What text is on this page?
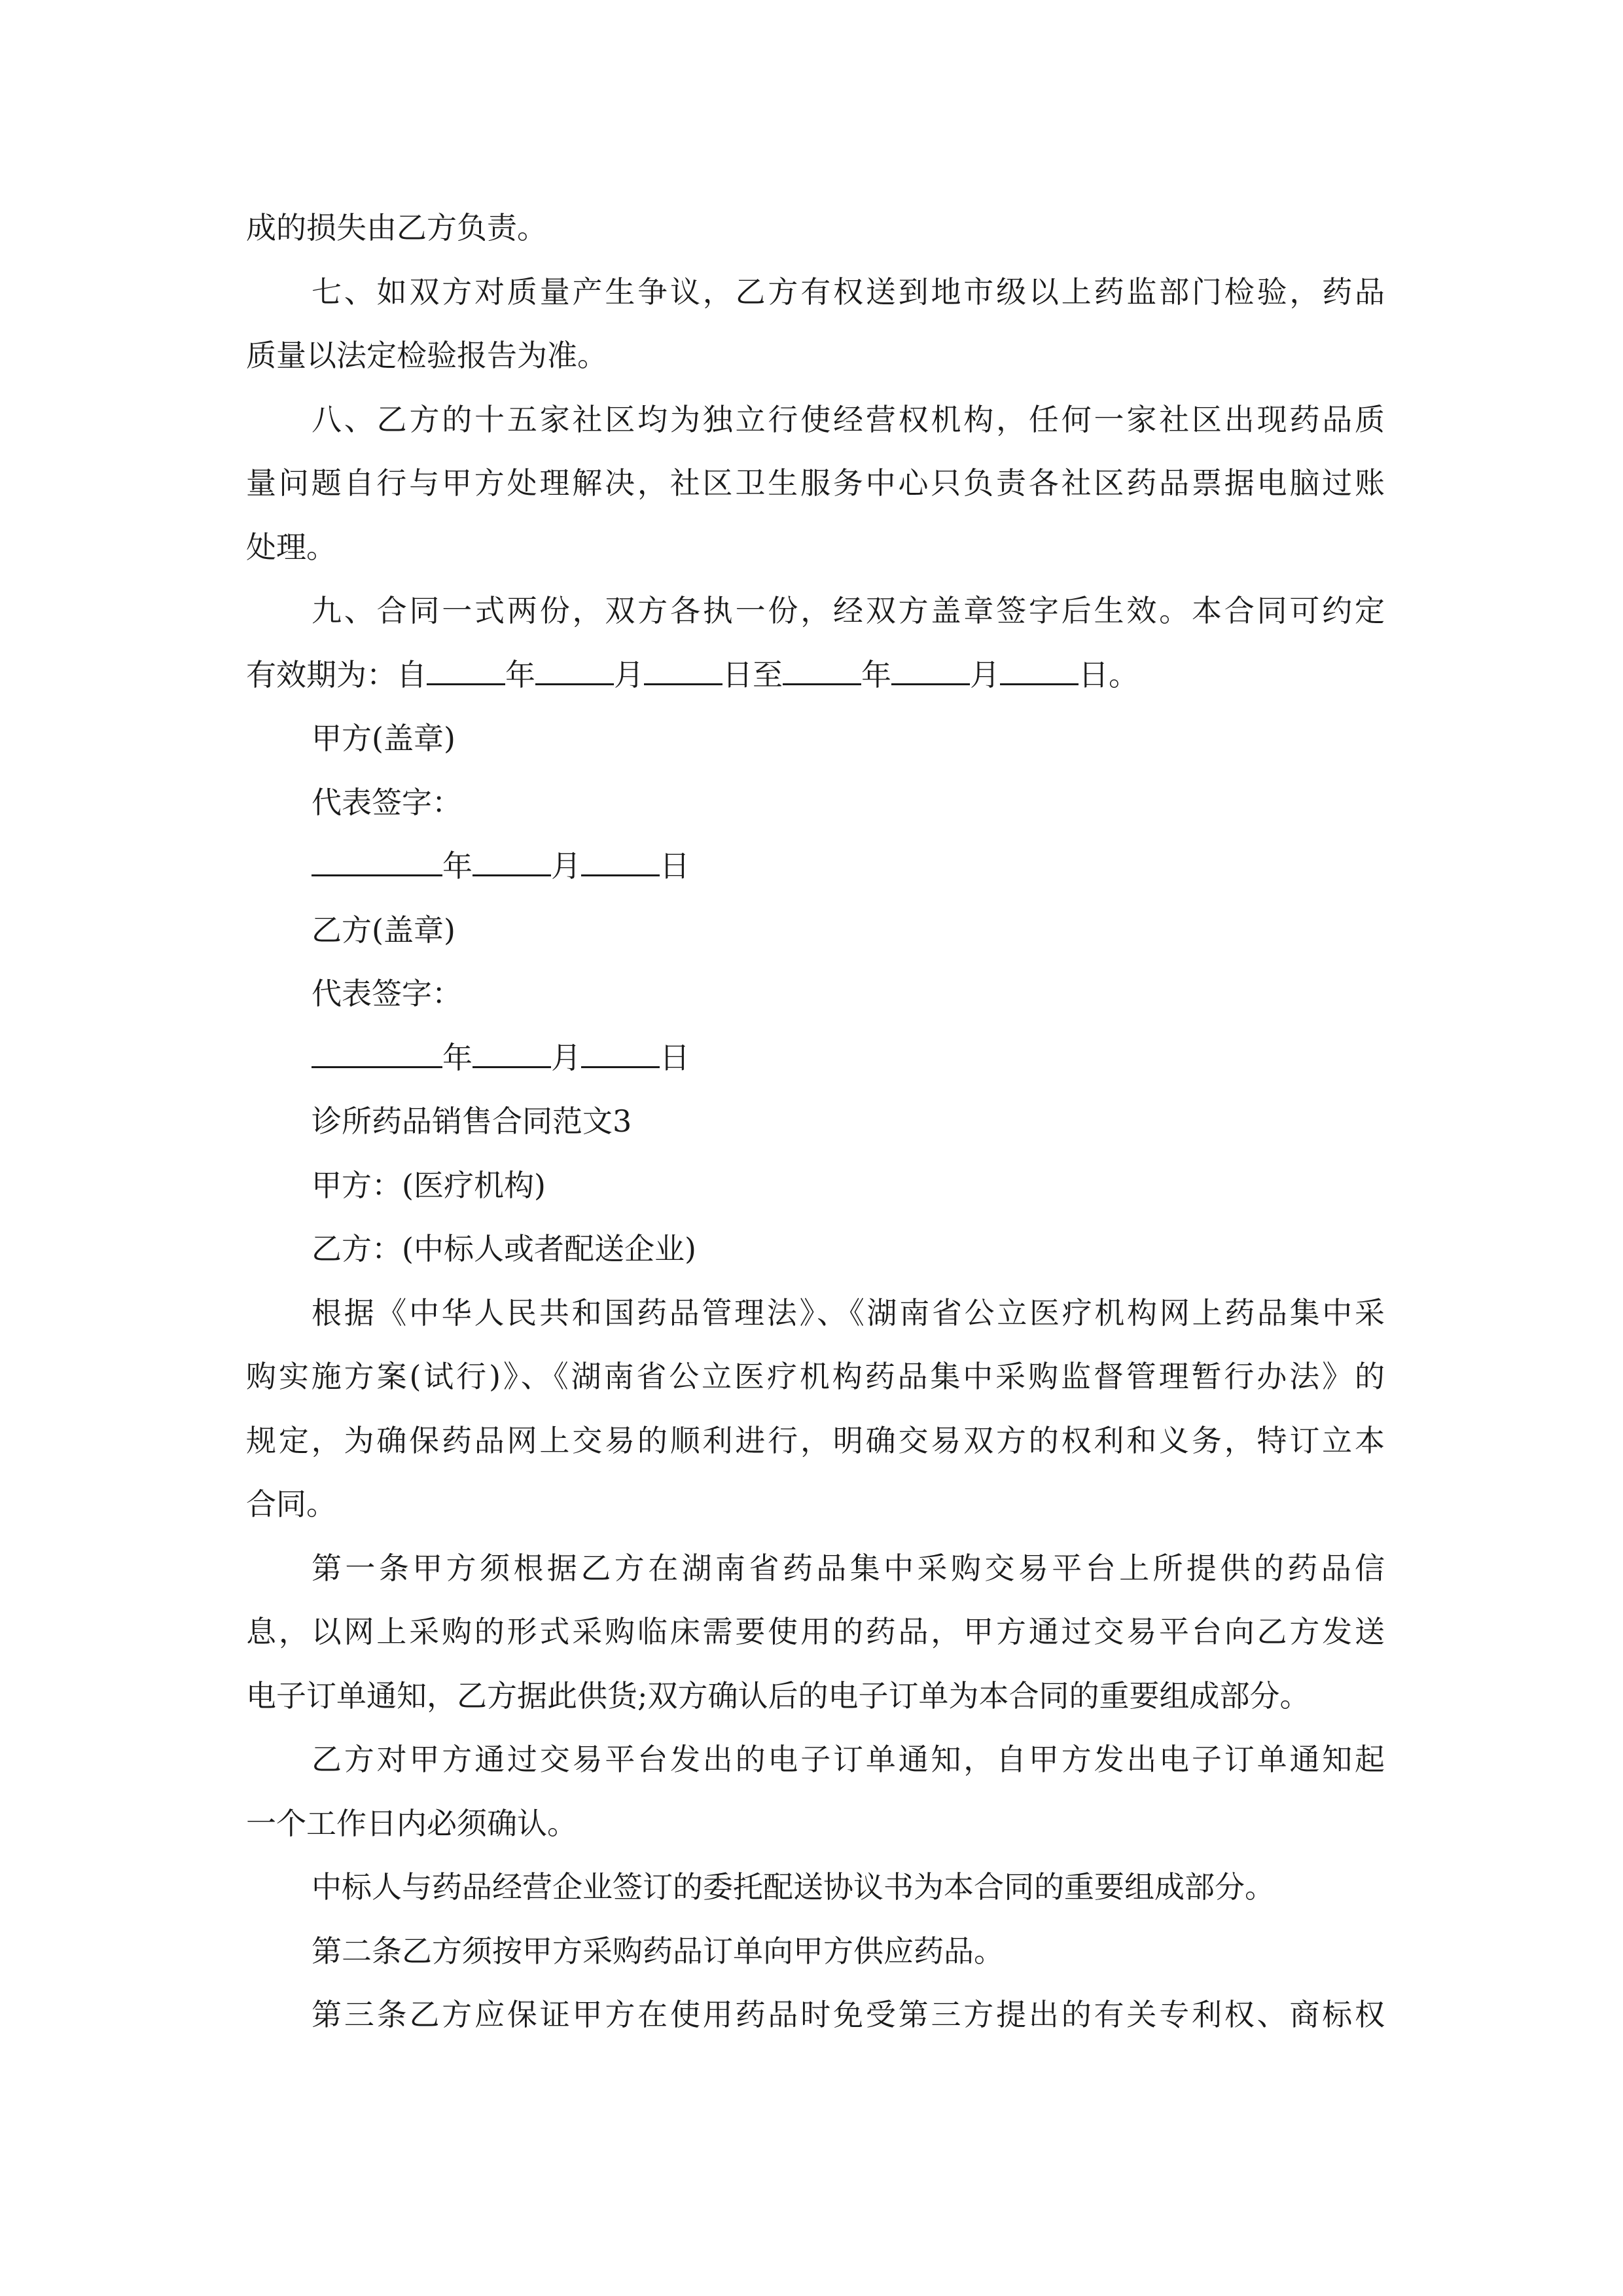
成的损失由乙方负责。
七、如双方对质量产生争议，乙方有权送到地市级以上药监部门检验，药品
质量以法定检验报告为准。
八、乙方的十五家社区均为独立行使经营权机构，任何一家社区出现药品质
量问题自行与甲方处理解决，社区卫生服务中心只负责各社区药品票据电脑过账
处理。
九、合同一式两份，双方各执一份，经双方盖章签字后生效。本合同可约定
有效期为：自	年	月	日至	年	月	日。
甲方(盖章)
代表签字：
年	月	日
乙方(盖章)
代表签字：
年	月	日
诊所药品销售合同范文3
甲方：(医疗机构)
乙方：(中标人或者配送企业)
根据《中华人民共和国药品管理法》、《湖南省公立医疗机构网上药品集中采
购实施方案(试行)》、《湖南省公立医疗机构药品集中采购监督管理暂行办法》的
规定，为确保药品网上交易的顺利进行，明确交易双方的权利和义务，特订立本
合同。
第一条甲方须根据乙方在湖南省药品集中采购交易平台上所提供的药品信
息，以网上采购的形式采购临床需要使用的药品，甲方通过交易平台向乙方发送
电子订单通知，乙方据此供货;双方确认后的电子订单为本合同的重要组成部分。
乙方对甲方通过交易平台发出的电子订单通知，自甲方发出电子订单通知起
一个工作日内必须确认。
中标人与药品经营企业签订的委托配送协议书为本合同的重要组成部分。
第二条乙方须按甲方采购药品订单向甲方供应药品。
第三条乙方应保证甲方在使用药品时免受第三方提出的有关专利权、商标权
